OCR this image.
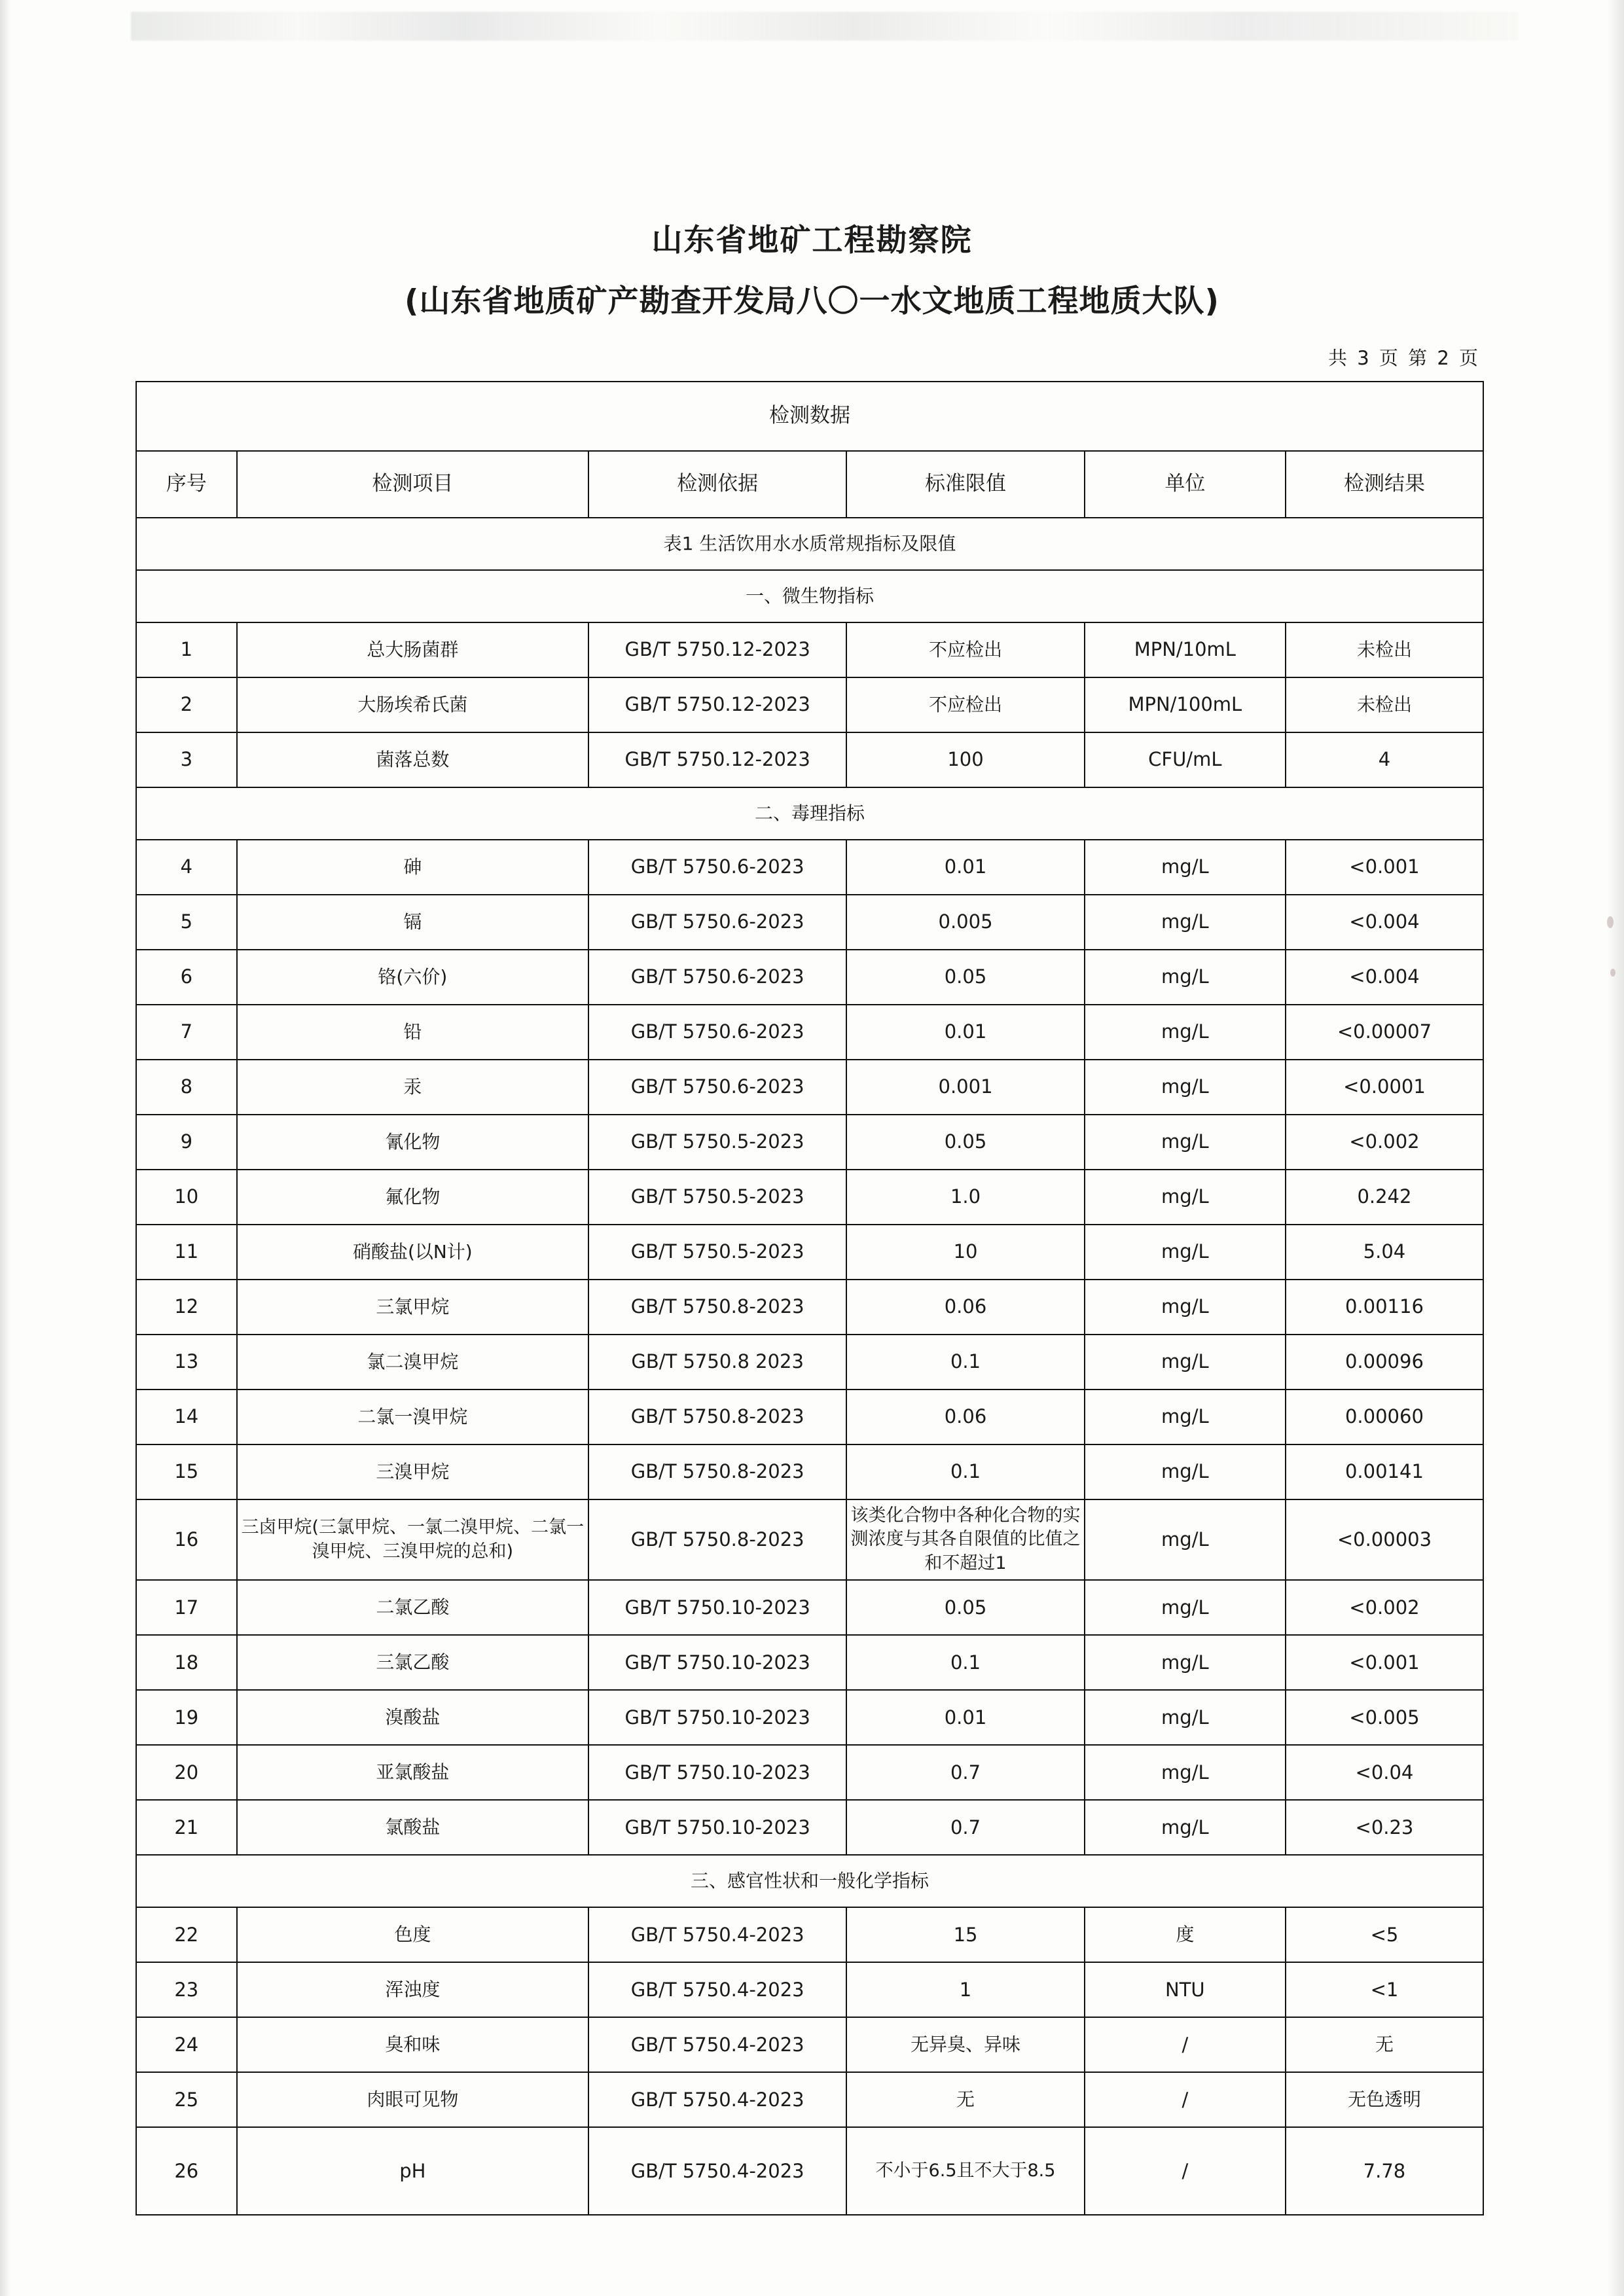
山东省地矿工程勘察院
(山东省地质矿产勘查开发局八〇一水文地质工程地质大队)
共 3 页 第 2 页
检测数据					
序号	检测项目	检测依据	标准限值	单位	检测结果
表1 生活饮用水水质常规指标及限值					
一、微生物指标					
1	总大肠菌群	GB/T 5750.12-2023	不应检出	MPN/10mL	未检出
2	大肠埃希氏菌	GB/T 5750.12-2023	不应检出	MPN/100mL	未检出
3	菌落总数	GB/T 5750.12-2023	100	CFU/mL	4
二、毒理指标					
4	砷	GB/T 5750.6-2023	0.01	mg/L	<0.001
5	镉	GB/T 5750.6-2023	0.005	mg/L	<0.004
6	铬(六价)	GB/T 5750.6-2023	0.05	mg/L	<0.004
7	铅	GB/T 5750.6-2023	0.01	mg/L	<0.00007
8	汞	GB/T 5750.6-2023	0.001	mg/L	<0.0001
9	氰化物	GB/T 5750.5-2023	0.05	mg/L	<0.002
10	氟化物	GB/T 5750.5-2023	1.0	mg/L	0.242
11	硝酸盐(以N计)	GB/T 5750.5-2023	10	mg/L	5.04
12	三氯甲烷	GB/T 5750.8-2023	0.06	mg/L	0.00116
13	氯二溴甲烷	GB/T 5750.8 2023	0.1	mg/L	0.00096
14	二氯一溴甲烷	GB/T 5750.8-2023	0.06	mg/L	0.00060
15	三溴甲烷	GB/T 5750.8-2023	0.1	mg/L	0.00141
16	三卤甲烷(三氯甲烷、一氯二溴甲烷、二氯一溴甲烷、三溴甲烷的总和)	GB/T 5750.8-2023	该类化合物中各种化合物的实测浓度与其各自限值的比值之和不超过1	mg/L	<0.00003
17	二氯乙酸	GB/T 5750.10-2023	0.05	mg/L	<0.002
18	三氯乙酸	GB/T 5750.10-2023	0.1	mg/L	<0.001
19	溴酸盐	GB/T 5750.10-2023	0.01	mg/L	<0.005
20	亚氯酸盐	GB/T 5750.10-2023	0.7	mg/L	<0.04
21	氯酸盐	GB/T 5750.10-2023	0.7	mg/L	<0.23
三、感官性状和一般化学指标					
22	色度	GB/T 5750.4-2023	15	度	<5
23	浑浊度	GB/T 5750.4-2023	1	NTU	<1
24	臭和味	GB/T 5750.4-2023	无异臭、异味	/	无
25	肉眼可见物	GB/T 5750.4-2023	无	/	无色透明
26	pH	GB/T 5750.4-2023	不小于6.5且不大于8.5	/	7.78
